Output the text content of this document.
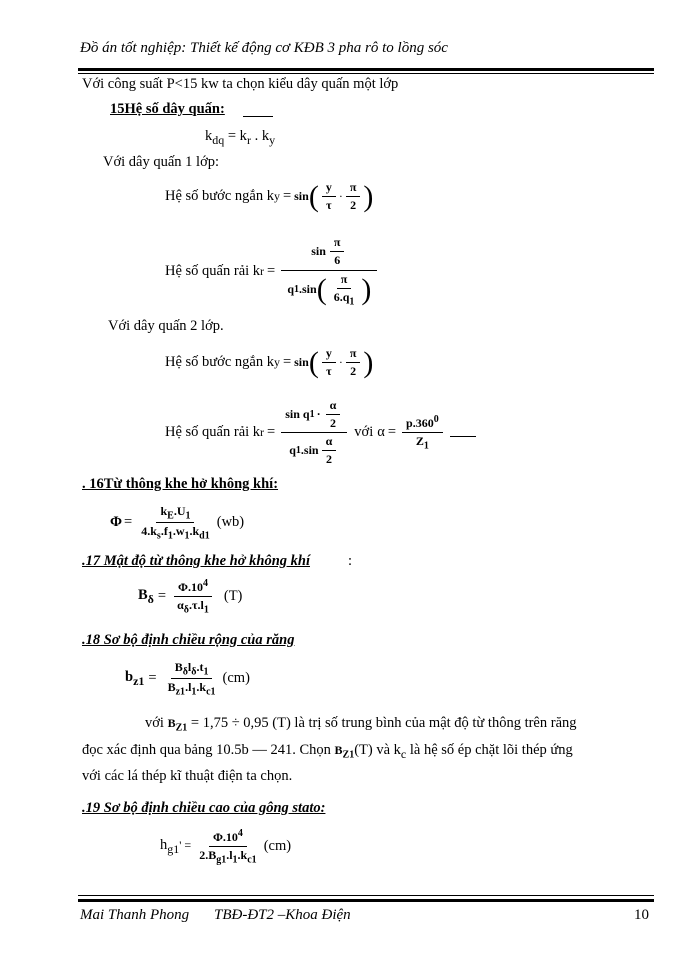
Đồ án tốt nghiệp: Thiết kế động cơ KĐB 3 pha rô to lồng sóc
Với công suất P<15 kw ta chọn kiểu dây quấn một lớp
15Hệ số dây quấn:
$k_{dq} = k_r$ . $k_y$
Với dây quấn 1 lớp:
Hệ số bước ngắn k y = sin ( $\frac{y}{\tau} \cdot \frac{\pi}{2}$ )
Hệ số quấn rải k $r = \frac{\sin \frac{\pi}{6}}{q 1 .\sin ( \frac{\pi}{6.q_1} )}$
Với dây quấn 2 lớp.
Hệ số bước ngắn k y = sin ( $\frac{y}{\tau} \cdot \frac{\pi}{2}$ )
Hệ số quấn rải k $r = \frac{\sin q 1 \cdot \frac{\alpha}{2}}{q 1 .\sin \frac{\alpha}{2}}$ với $\alpha = \frac{p.360^0}{Z_1}$
. 16Từ thông khe hở không khí:
$\Phi = \frac{k_E.U_1}{4.k_s.f_1.w_1.k_{d1}} (wb)$
.17 Mật độ từ thông khe hở không khí	:
$B_\delta = \frac{\Phi.10^4}{\alpha_\delta.\tau.l_1} (T)$
.18 Sơ bộ định chiều rộng của răng
$b_{z1} = \frac{B_\delta l_\delta.t_1}{B_{z1}.l_1.k_{c1}} (cm)$
với $B_{Z1} = 1,75 \div 0,95$ (T) là trị số trung bình của mật độ từ thông trên răng
đọc xác định qua bảng 10.5b — 241. Chọn $B_{Z1}(T)$ và $k_c$ là hệ số ép chặt lõi thép ứng
với các lá thép kĩ thuật điện ta chọn.
.19 Sơ bộ định chiều cao của gông stato:
$h_{g1}' = \frac{\Phi.10^4}{2.B_{g1}.l_1.k_{c1}} (cm)$
Mai Thanh Phong TBĐ-ĐT2 –Khoa Điện	10
